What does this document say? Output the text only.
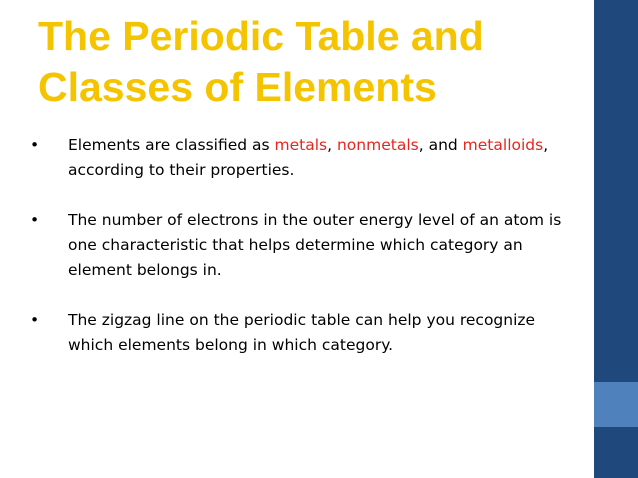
The Periodic Table and
Classes of Elements
• Elements are classified as metals, nonmetals, and metalloids, according to their properties.
• The number of electrons in the outer energy level of an atom is one characteristic that helps determine which category an element belongs in.
• The zigzag line on the periodic table can help you recognize which elements belong in which category.
